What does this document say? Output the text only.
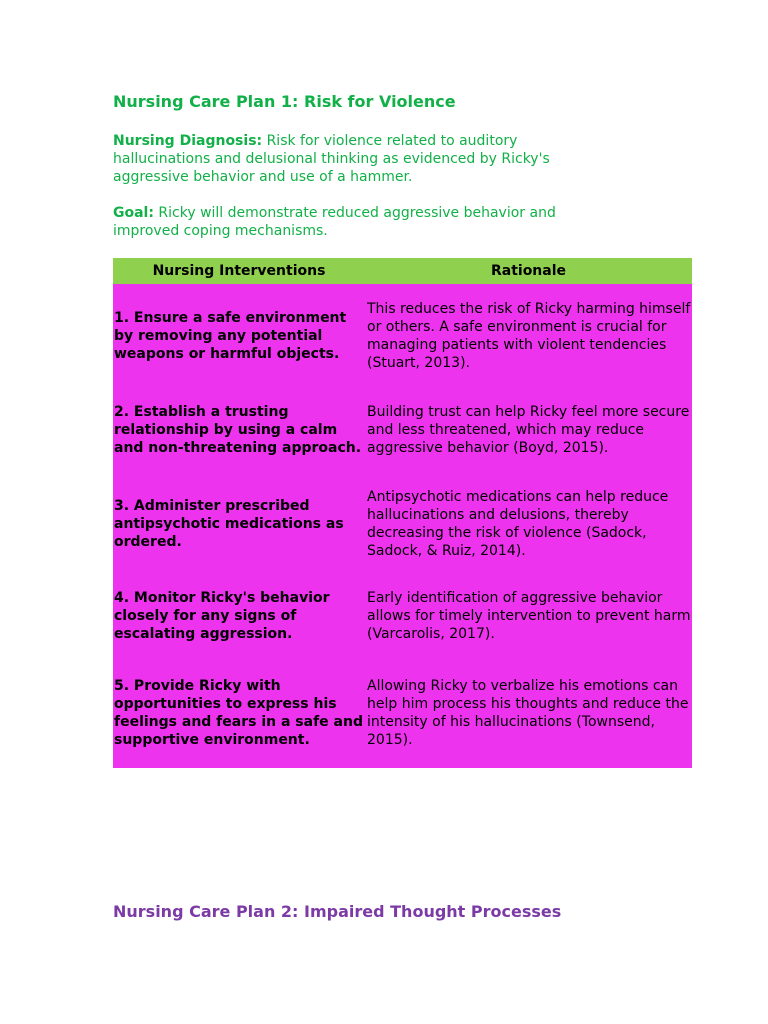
Nursing Care Plan 1: Risk for Violence

Nursing Diagnosis: Risk for violence related to auditory hallucinations and delusional thinking as evidenced by Ricky's aggressive behavior and use of a hammer.

Goal: Ricky will demonstrate reduced aggressive behavior and improved coping mechanisms.

Nursing Interventions	Rationale
1. Ensure a safe environment by removing any potential weapons or harmful objects.	This reduces the risk of Ricky harming himself or others. A safe environment is crucial for managing patients with violent tendencies (Stuart, 2013).
2. Establish a trusting relationship by using a calm and non-threatening approach.	Building trust can help Ricky feel more secure and less threatened, which may reduce aggressive behavior (Boyd, 2015).
3. Administer prescribed antipsychotic medications as ordered.	Antipsychotic medications can help reduce hallucinations and delusions, thereby decreasing the risk of violence (Sadock, Sadock, & Ruiz, 2014).
4. Monitor Ricky's behavior closely for any signs of escalating aggression.	Early identification of aggressive behavior allows for timely intervention to prevent harm (Varcarolis, 2017).
5. Provide Ricky with opportunities to express his feelings and fears in a safe and supportive environment.	Allowing Ricky to verbalize his emotions can help him process his thoughts and reduce the intensity of his hallucinations (Townsend, 2015).
Nursing Care Plan 2: Impaired Thought Processes
